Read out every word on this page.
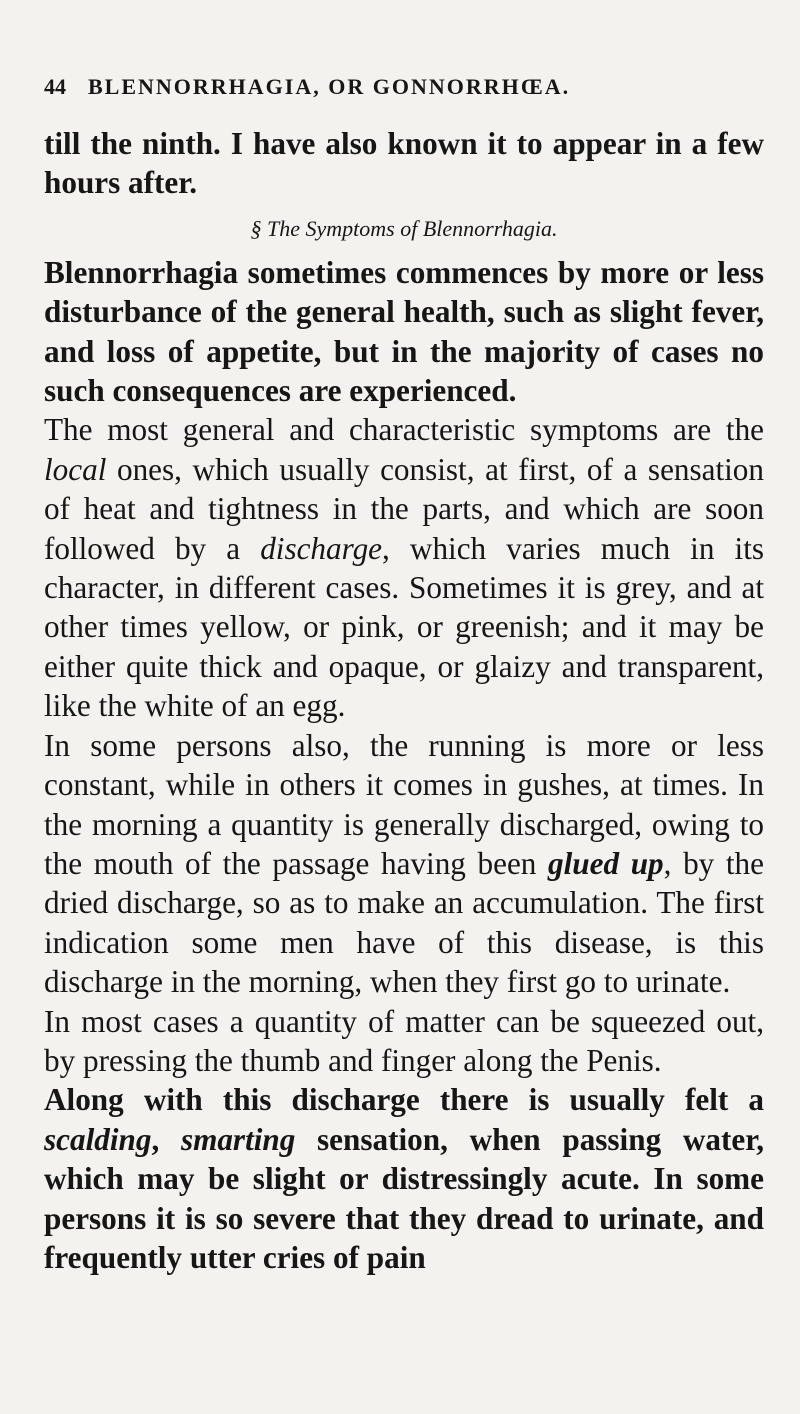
44 BLENNORRHAGIA, OR GONNORRHŒA.

till the ninth. I have also known it to appear in a few hours after.

§ The Symptoms of Blennorrhagia.

Blennorrhagia sometimes commences by more or less disturbance of the general health, such as slight fever, and loss of appetite, but in the majority of cases no such consequences are experienced.

The most general and characteristic symptoms are the local ones, which usually consist, at first, of a sensation of heat and tightness in the parts, and which are soon followed by a discharge, which varies much in its character, in different cases. Sometimes it is grey, and at other times yellow, or pink, or greenish; and it may be either quite thick and opaque, or glaizy and transparent, like the white of an egg.

In some persons also, the running is more or less constant, while in others it comes in gushes, at times. In the morning a quantity is generally discharged, owing to the mouth of the passage having been glued up, by the dried discharge, so as to make an accumulation. The first indication some men have of this disease, is this discharge in the morning, when they first go to urinate.

In most cases a quantity of matter can be squeezed out, by pressing the thumb and finger along the Penis.

Along with this discharge there is usually felt a scalding, smarting sensation, when passing water, which may be slight or distressingly acute. In some persons it is so severe that they dread to urinate, and frequently utter cries of pain
